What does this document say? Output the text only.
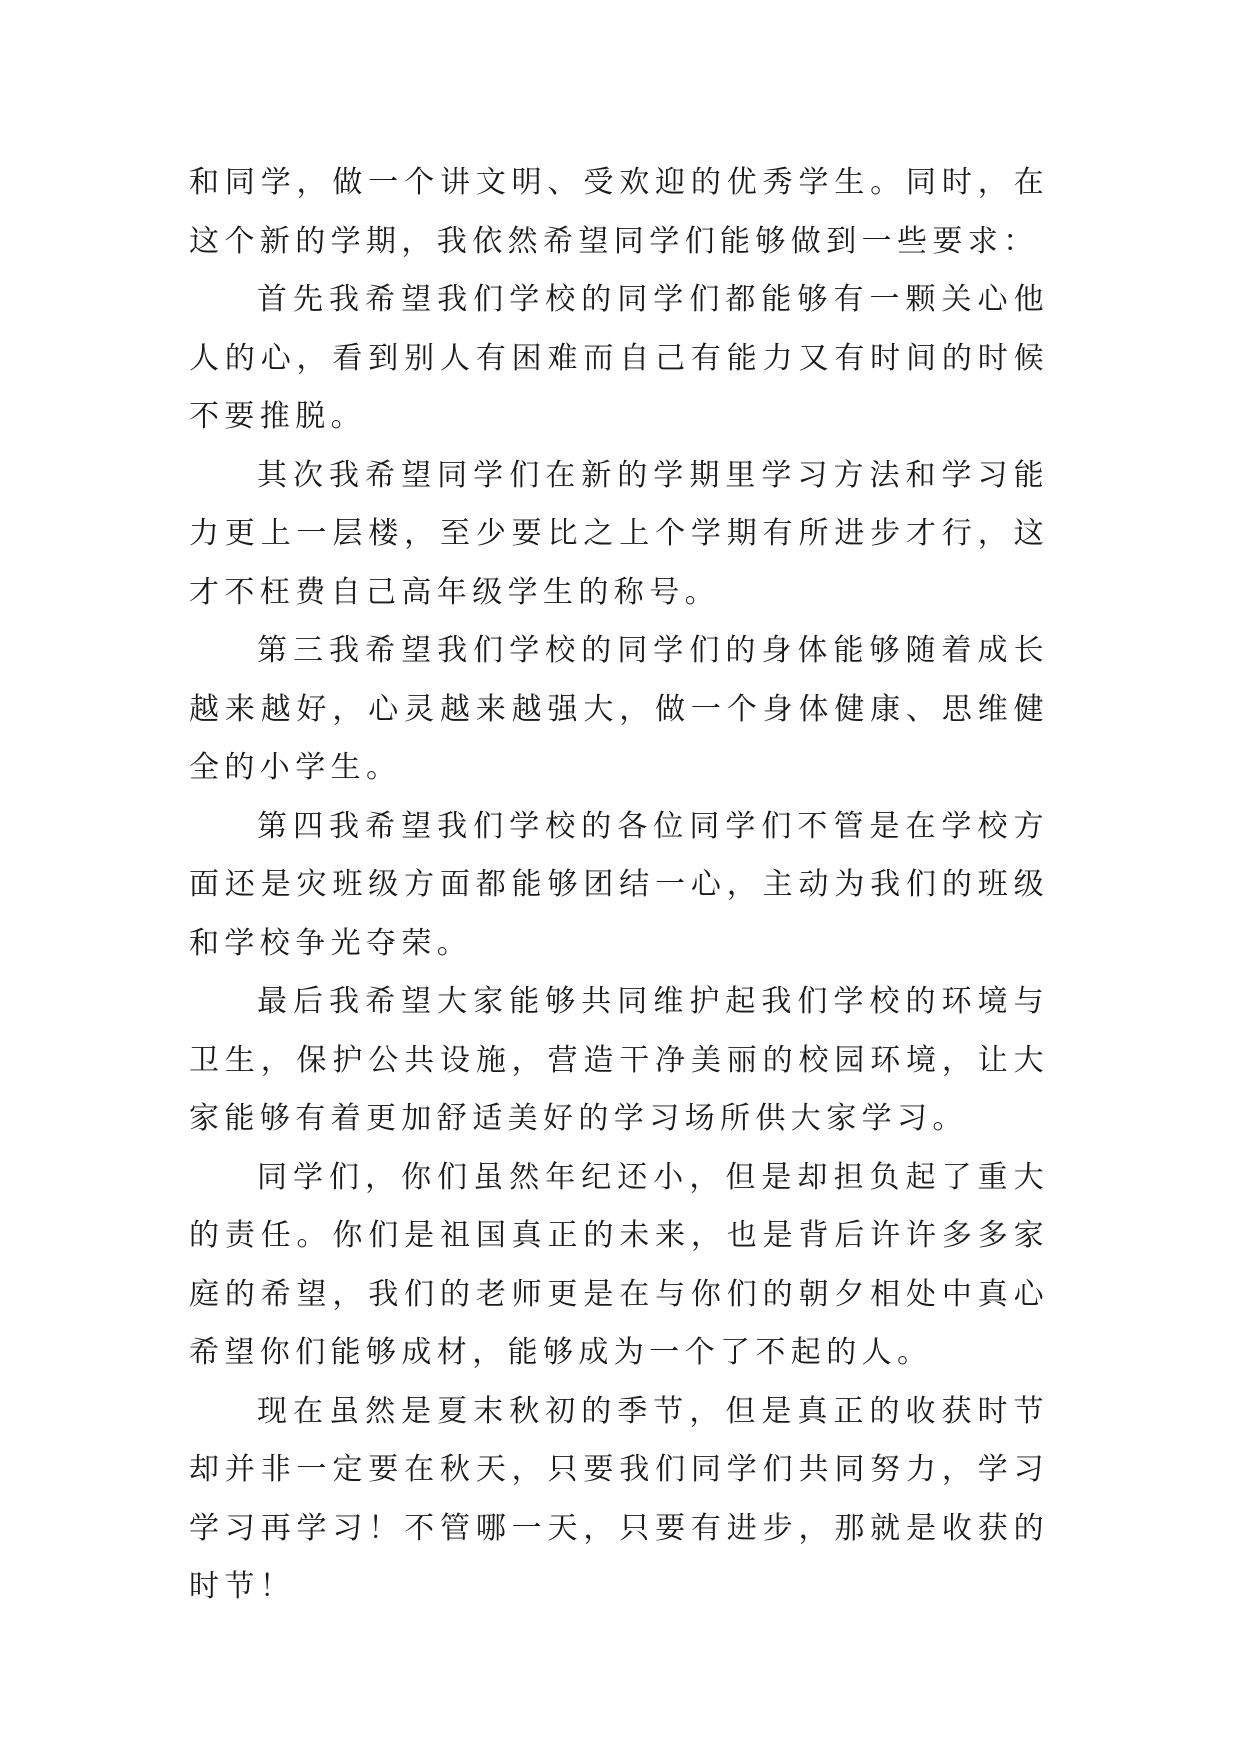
和同学，做一个讲文明、受欢迎的优秀学生。同时，在这个新的学期，我依然希望同学们能够做到一些要求：

首先我希望我们学校的同学们都能够有一颗关心他人的心，看到别人有困难而自己有能力又有时间的时候不要推脱。

其次我希望同学们在新的学期里学习方法和学习能力更上一层楼，至少要比之上个学期有所进步才行，这才不枉费自己高年级学生的称号。

第三我希望我们学校的同学们的身体能够随着成长越来越好，心灵越来越强大，做一个身体健康、思维健全的小学生。

第四我希望我们学校的各位同学们不管是在学校方面还是灾班级方面都能够团结一心，主动为我们的班级和学校争光夺荣。

最后我希望大家能够共同维护起我们学校的环境与卫生，保护公共设施，营造干净美丽的校园环境，让大家能够有着更加舒适美好的学习场所供大家学习。

同学们，你们虽然年纪还小，但是却担负起了重大的责任。你们是祖国真正的未来，也是背后许许多多家庭的希望，我们的老师更是在与你们的朝夕相处中真心希望你们能够成材，能够成为一个了不起的人。

现在虽然是夏末秋初的季节，但是真正的收获时节却并非一定要在秋天，只要我们同学们共同努力，学习学习再学习！不管哪一天，只要有进步，那就是收获的时节！
